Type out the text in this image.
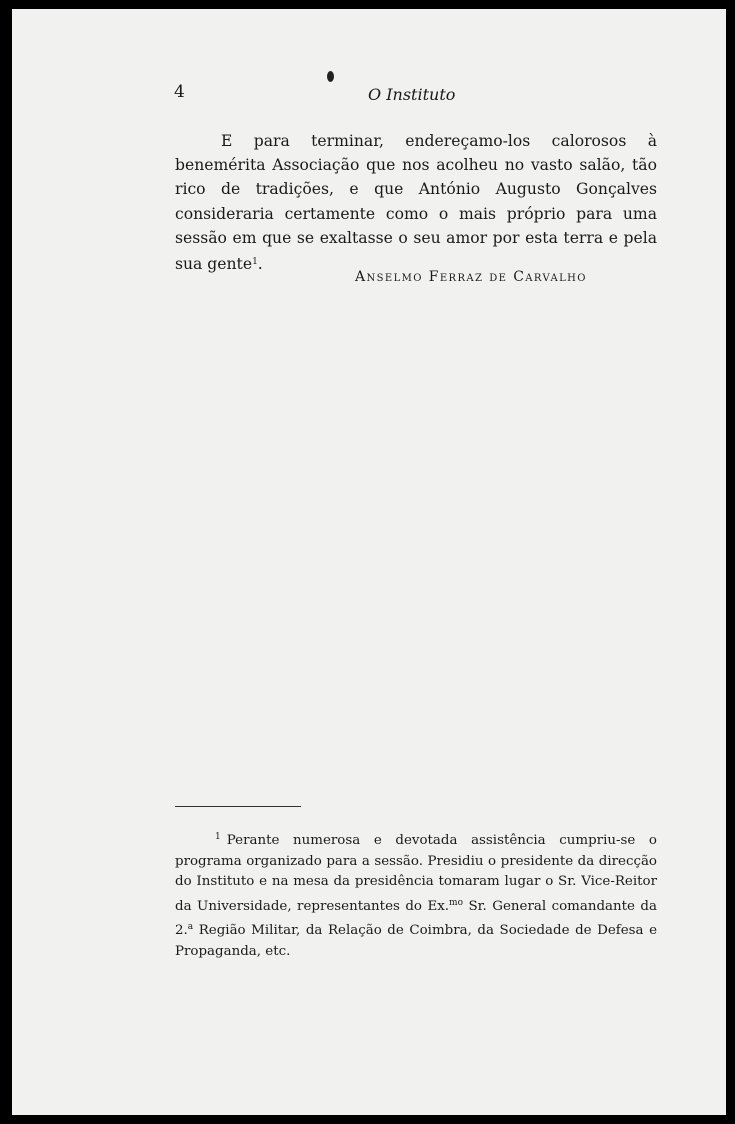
4	O Instituto

E para terminar, endereçamo-los calorosos à benemérita Associação que nos acolheu no vasto salão, tão rico de tradições, e que António Augusto Gonçalves consideraria certamente como o mais próprio para uma sessão em que se exaltasse o seu amor por esta terra e pela sua gente$^1$.

Anselmo Ferraz de Carvalho

$^1$ Perante numerosa e devotada assistência cumpriu-se o programa organizado para a sessão. Presidiu o presidente da direcção do Instituto e na mesa da presidência tomaram lugar o Sr. Vice-Reitor da Universidade, representantes do Ex.$^{mo}$ Sr. General comandante da 2.$^a$ Região Militar, da Relação de Coimbra, da Sociedade de Defesa e Propaganda, etc.
